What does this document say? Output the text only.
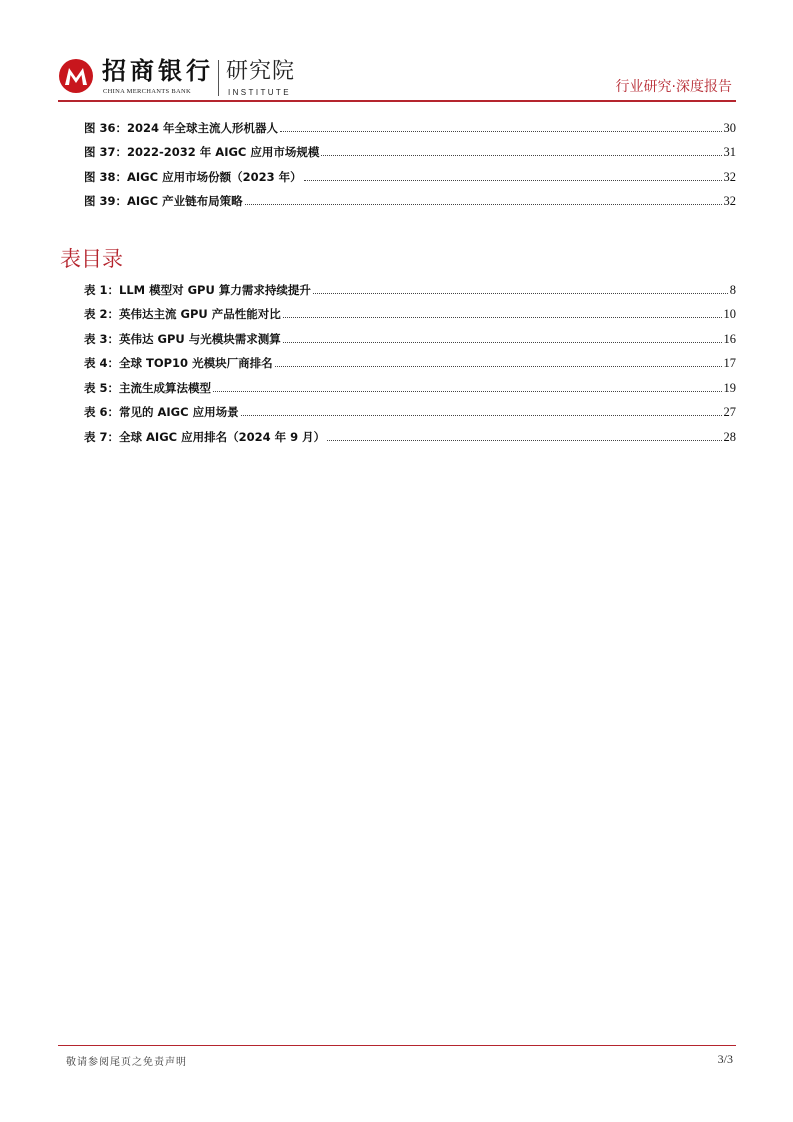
招商银行
CHINA MERCHANTS BANK
研究院
INSTITUTE	行业研究·深度报告
图 36：2024 年全球主流人形机器人	30
图 37：2022-2032 年 AIGC 应用市场规模	31
图 38：AIGC 应用市场份额（2023 年）	32
图 39：AIGC 产业链布局策略	32
表目录
表 1：LLM 模型对 GPU 算力需求持续提升	8
表 2：英伟达主流 GPU 产品性能对比	10
表 3：英伟达 GPU 与光模块需求测算	16
表 4：全球 TOP10 光模块厂商排名	17
表 5：主流生成算法模型	19
表 6：常见的 AIGC 应用场景	27
表 7：全球 AIGC 应用排名（2024 年 9 月）	28
敬请参阅尾页之免责声明	3/3
